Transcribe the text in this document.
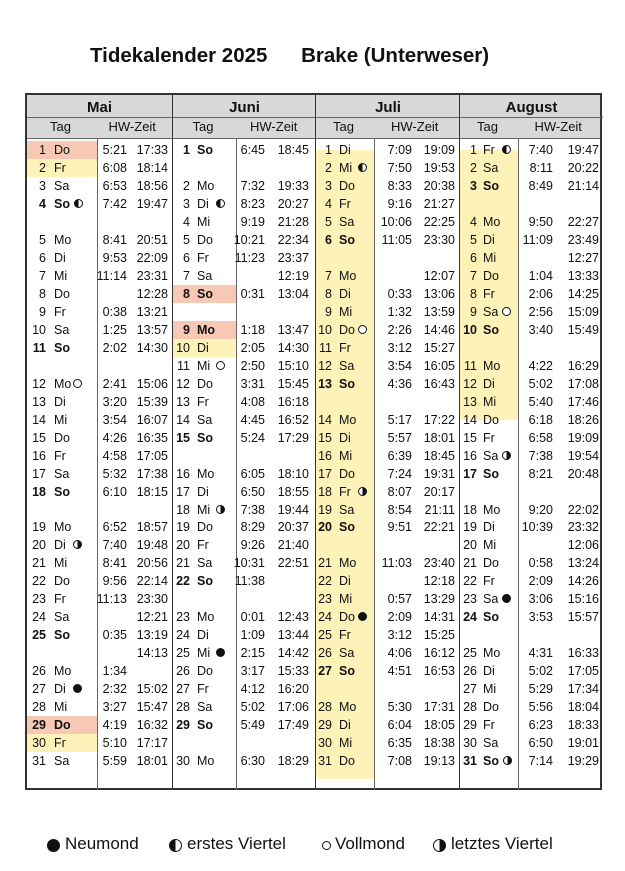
Tidekalender 2025 Brake (Unterweser)
Mai
Tag	HW-Zeit
1 Do	5:21 17:33
2 Fr	6:08 18:14
3 Sa	6:53 18:56
4 So	7:42 19:47
5 Mo	8:41 20:51
6 Di	9:53 22:09
7 Mi	11:14 23:31
8 Do	12:28
9 Fr	0:38 13:21
10 Sa	1:25 13:57
11 So	2:02 14:30
12 Mo	2:41 15:06
13 Di	3:20 15:39
14 Mi	3:54 16:07
15 Do	4:26 16:35
16 Fr	4:58 17:05
17 Sa	5:32 17:38
18 So	6:10 18:15
19 Mo	6:52 18:57
20 Di	7:40 19:48
21 Mi	8:41 20:56
22 Do	9:56 22:14
23 Fr	11:13 23:30
24 Sa	12:21
25 So	0:35 13:19
14:13
26 Mo	1:34
27 Di	2:32 15:02
28 Mi	3:27 15:47
29 Do	4:19 16:32
30 Fr	5:10 17:17
31 Sa	5:59 18:01
Juni
Tag	HW-Zeit
1 So	6:45	18:45
2 Mo	7:32	19:33
3 Di	8:23	20:27
4 Mi	9:19	21:28
5 Do	10:21	22:34
6 Fr	11:23	23:37
7 Sa	12:19
8 So	0:31	13:04
9 Mo	1:18	13:47
10 Di	2:05	14:30
11 Mi	2:50	15:10
12 Do	3:31	15:45
13 Fr	4:08	16:18
14 Sa	4:45	16:52
15 So	5:24	17:29
16 Mo	6:05	18:10
17 Di	6:50	18:55
18 Mi	7:38	19:44
19 Do	8:29	20:37
20 Fr	9:26	21:40
21 Sa	10:31	22:51
22 So	11:38
23 Mo	0:01	12:43
24 Di	1:09	13:44
25 Mi	2:15	14:42
26 Do	3:17	15:33
27 Fr	4:12	16:20
28 Sa	5:02	17:06
29 So	5:49	17:49
30 Mo	6:30	18:29
Juli
Tag	HW-Zeit
1 Di	7:09 19:09
2 Mi	7:50 19:53
3 Do	8:33 20:38
4 Fr	9:16 21:27
5 Sa	10:06 22:25
6 So	11:05 23:30
7 Mo	12:07
8 Di	0:33 13:06
9 Mi	1:32 13:59
10 Do	2:26 14:46
11 Fr	3:12 15:27
12 Sa	3:54 16:05
13 So	4:36 16:43
14 Mo	5:17 17:22
15 Di	5:57 18:01
16 Mi	6:39 18:45
17 Do	7:24 19:31
18 Fr	8:07 20:17
19 Sa	8:54	21:11
20 So	9:51 22:21
21 Mo	11:03 23:40
22 Di	12:18
23 Mi	0:57 13:29
24 Do	2:09 14:31
25 Fr	3:12 15:25
26 Sa	4:06 16:12
27 So	4:51 16:53
28 Mo	5:30 17:31
29 Di	6:04 18:05
30 Mi	6:35 18:38
31 Do	7:08 19:13
August
Tag	HW-Zeit
1 Fr	7:40	19:47
2 Sa	8:11	20:22
3 So	8:49	21:14
4 Mo	9:50	22:27
5 Di	11:09	23:49
6 Mi	12:27
7 Do	1:04	13:33
8 Fr	2:06	14:25
9 Sa	2:56	15:09
10 So	3:40	15:49
11 Mo	4:22	16:29
12 Di	5:02	17:08
13 Mi	5:40	17:46
14 Do	6:18	18:26
15 Fr	6:58	19:09
16 Sa	7:38	19:54
17 So	8:21	20:48
18 Mo	9:20	22:02
19 Di	10:39	23:32
20 Mi	12:06
21 Do	0:58	13:24
22 Fr	2:09	14:26
23 Sa	3:06	15:16
24 So	3:53	15:57
25 Mo	4:31	16:33
26 Di	5:02	17:05
27 Mi	5:29	17:34
28 Do	5:56	18:04
29 Fr	6:23	18:33
30 Sa	6:50	19:01
31 So	7:14	19:29
Neumond	erstes Viertel	Vollmond	letztes Viertel
